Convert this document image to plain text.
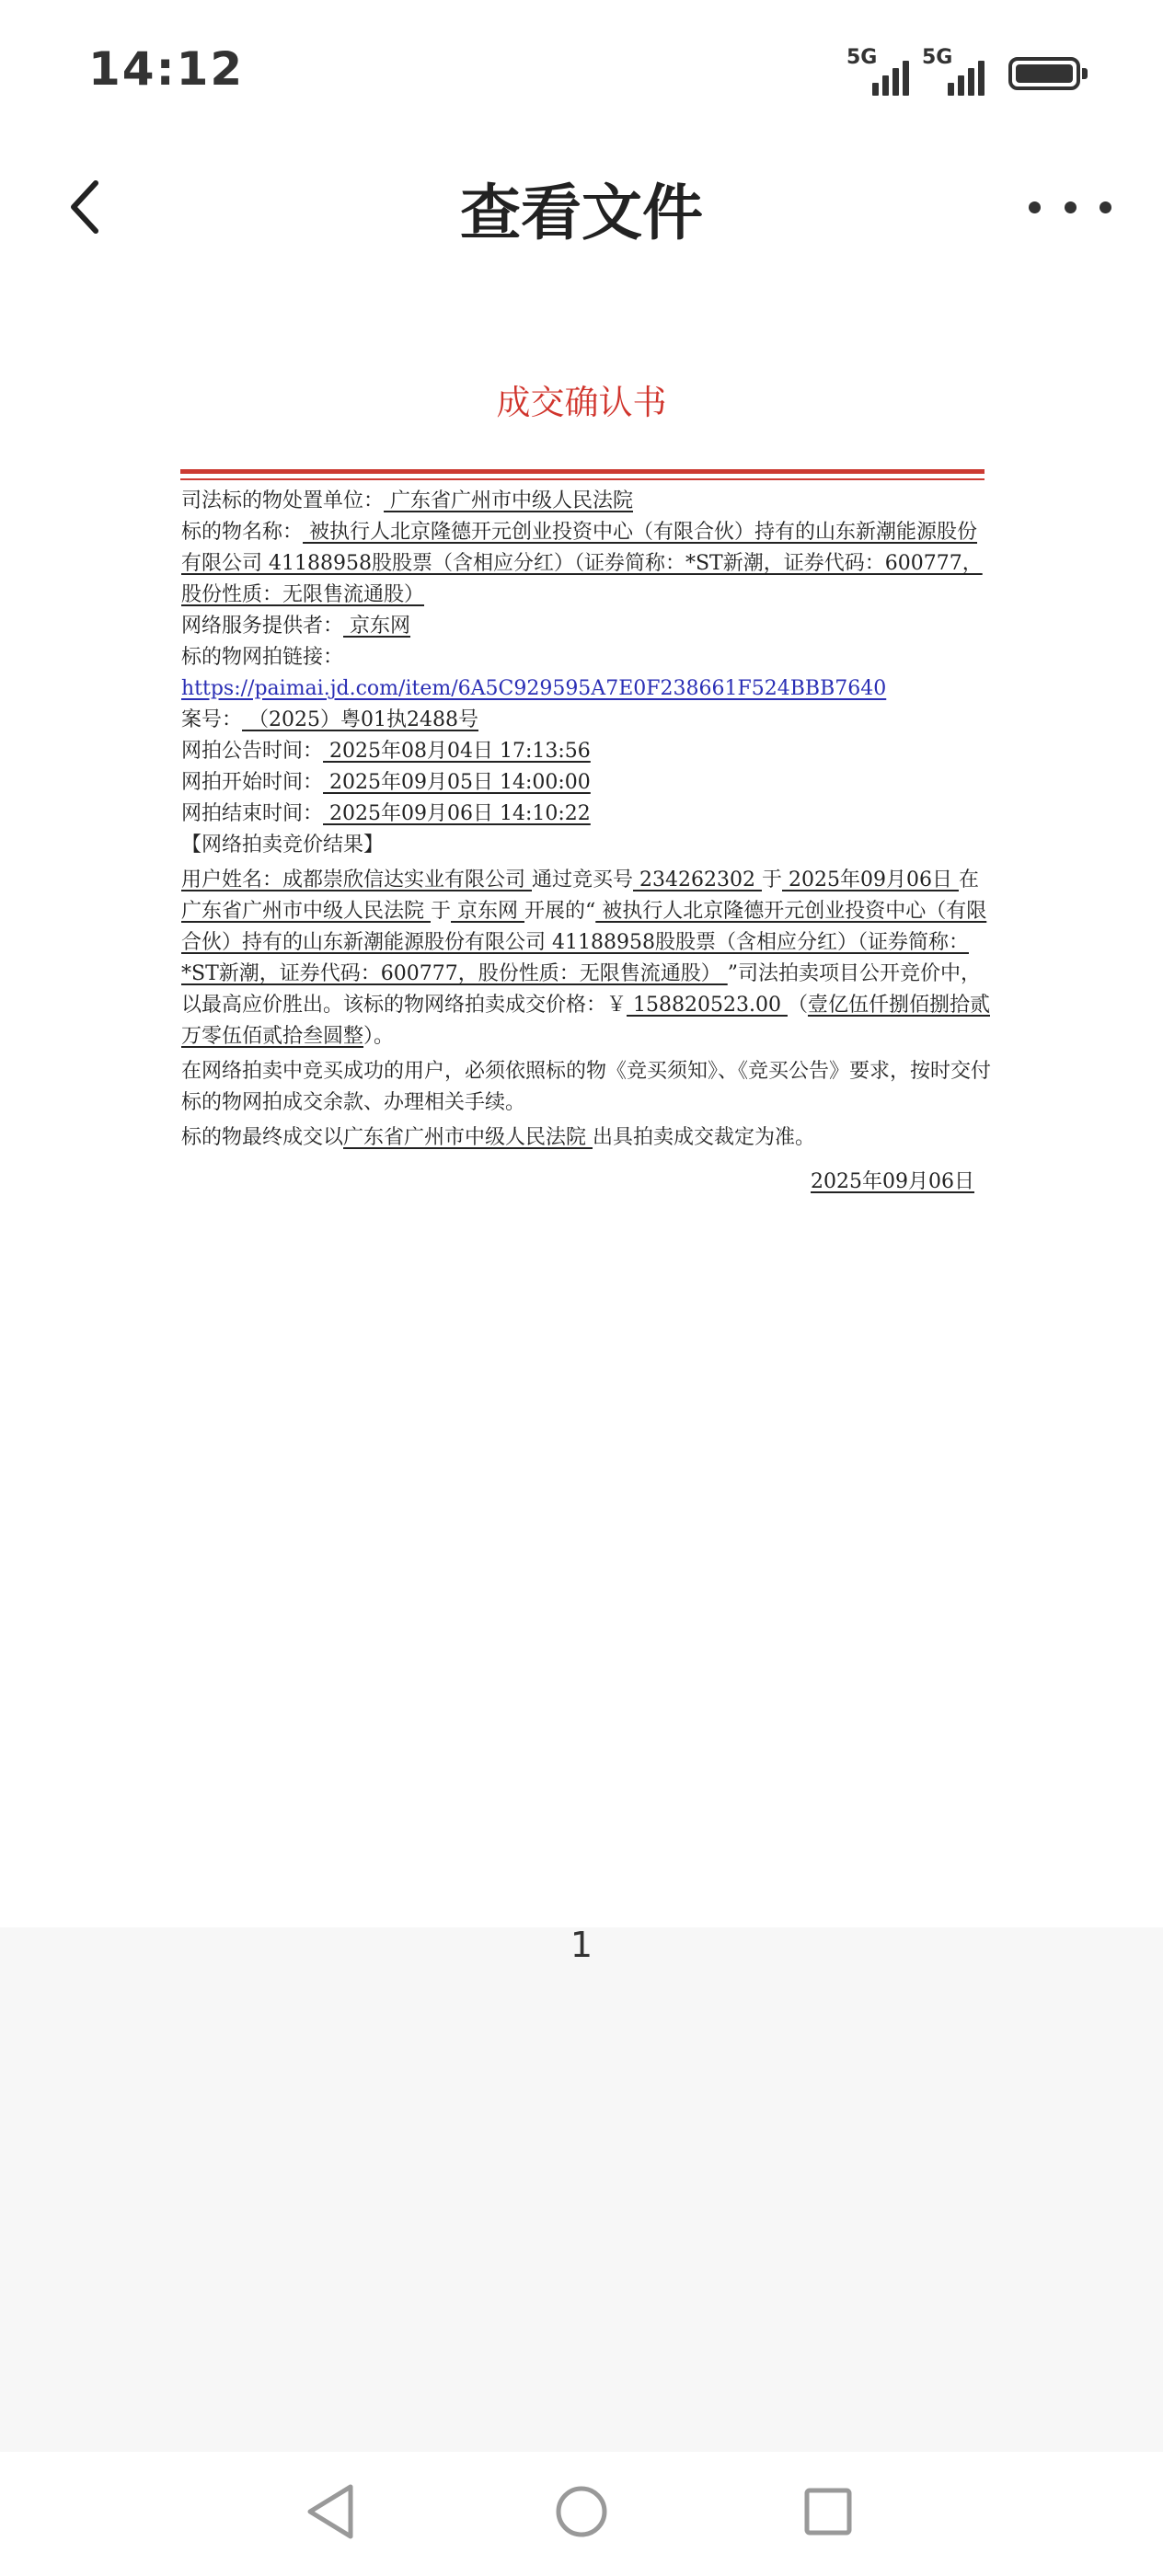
14:12	5G 5G
查看文件
成交确认书

司法标的物处置单位： 广东省广州市中级人民法院

标的物名称： 被执行人北京隆德开元创业投资中心（有限合伙）持有的山东新潮能源股份有限公司 41188958股股票（含相应分红）（证券简称：*ST新潮，证券代码：600777，股份性质：无限售流通股）

网络服务提供者： 京东网

标的物网拍链接： https://paimai.jd.com/item/6A5C929595A7E0F238661F524BBB7640

案号： （2025）粤01执2488号

网拍公告时间： 2025年08月04日 17:13:56

网拍开始时间： 2025年09月05日 14:00:00

网拍结束时间： 2025年09月06日 14:10:22

【网络拍卖竞价结果】

用户姓名：成都崇欣信达实业有限公司 通过竞买号 234262302 于 2025年09月06日 在广东省广州市中级人民法院 于 京东网 开展的“ 被执行人北京隆德开元创业投资中心（有限合伙）持有的山东新潮能源股份有限公司 41188958股股票（含相应分红）（证券简称：*ST新潮，证券代码：600777，股份性质：无限售流通股） ”司法拍卖项目公开竞价中，以最高应价胜出。该标的物网络拍卖成交价格：￥ 158820523.00 （壹亿伍仟捌佰捌拾贰万零伍佰贰拾叁圆整）。

在网络拍卖中竞买成功的用户，必须依照标的物《竞买须知》、《竞买公告》要求，按时交付标的物网拍成交余款、办理相关手续。

标的物最终成交以广东省广州市中级人民法院 出具拍卖成交裁定为准。

2025年09月06日

1
